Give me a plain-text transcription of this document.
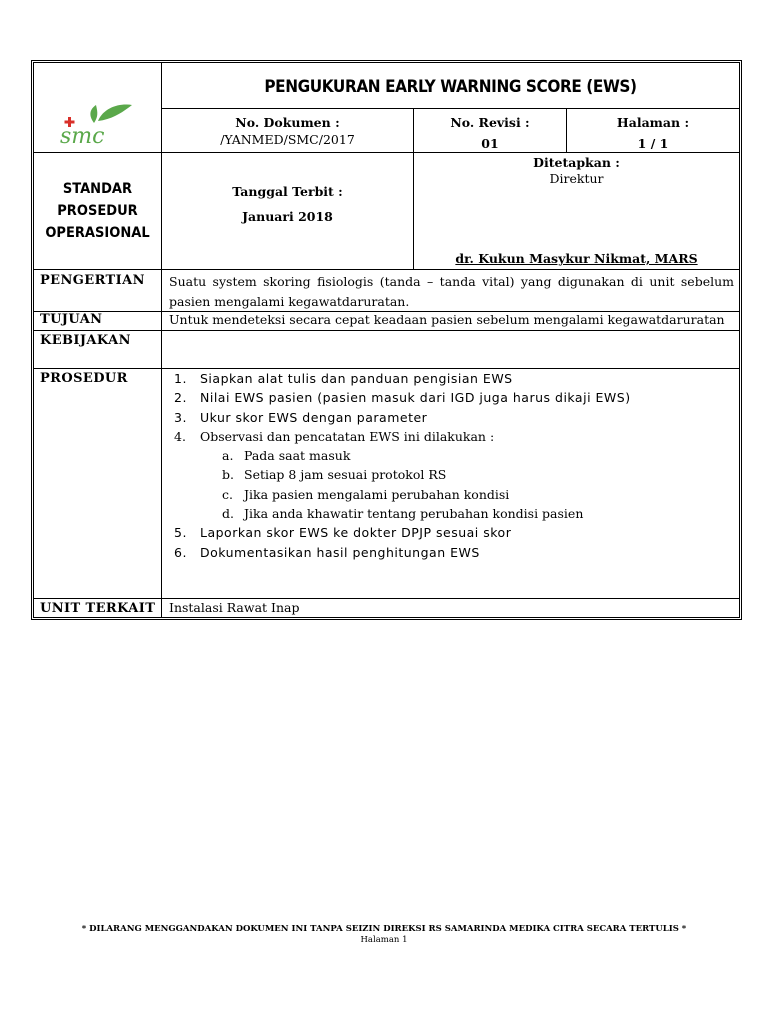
smc
PENGUKURAN EARLY WARNING SCORE (EWS)
No. Dokumen :
/YANMED/SMC/2017
No. Revisi :
01
Halaman :
1 / 1
STANDAR
PROSEDUR
OPERASIONAL
Tanggal Terbit :
Januari 2018
Ditetapkan :
Direktur
dr. Kukun Masykur Nikmat, MARS
PENGERTIAN Suatu system skoring fisiologis (tanda – tanda vital) yang digunakan di unit sebelum
pasien mengalami kegawatdaruratan.
TUJUAN	Untuk mendeteksi secara cepat keadaan pasien sebelum mengalami kegawatdaruratan
KEBIJAKAN
PROSEDUR	1. Siapkan alat tulis dan panduan pengisian EWS
2. Nilai EWS pasien (pasien masuk dari IGD juga harus dikaji EWS)
3. Ukur skor EWS dengan parameter
4. Observasi dan pencatatan EWS ini dilakukan :
a. Pada saat masuk
b. Setiap 8 jam sesuai protokol RS
c. Jika pasien mengalami perubahan kondisi
d. Jika anda khawatir tentang perubahan kondisi pasien
5. Laporkan skor EWS ke dokter DPJP sesuai skor
6. Dokumentasikan hasil penghitungan EWS
UNIT TERKAIT Instalasi Rawat Inap
* DILARANG MENGGANDAKAN DOKUMEN INI TANPA SEIZIN DIREKSI RS SAMARINDA MEDIKA CITRA SECARA TERTULIS *
Halaman 1
